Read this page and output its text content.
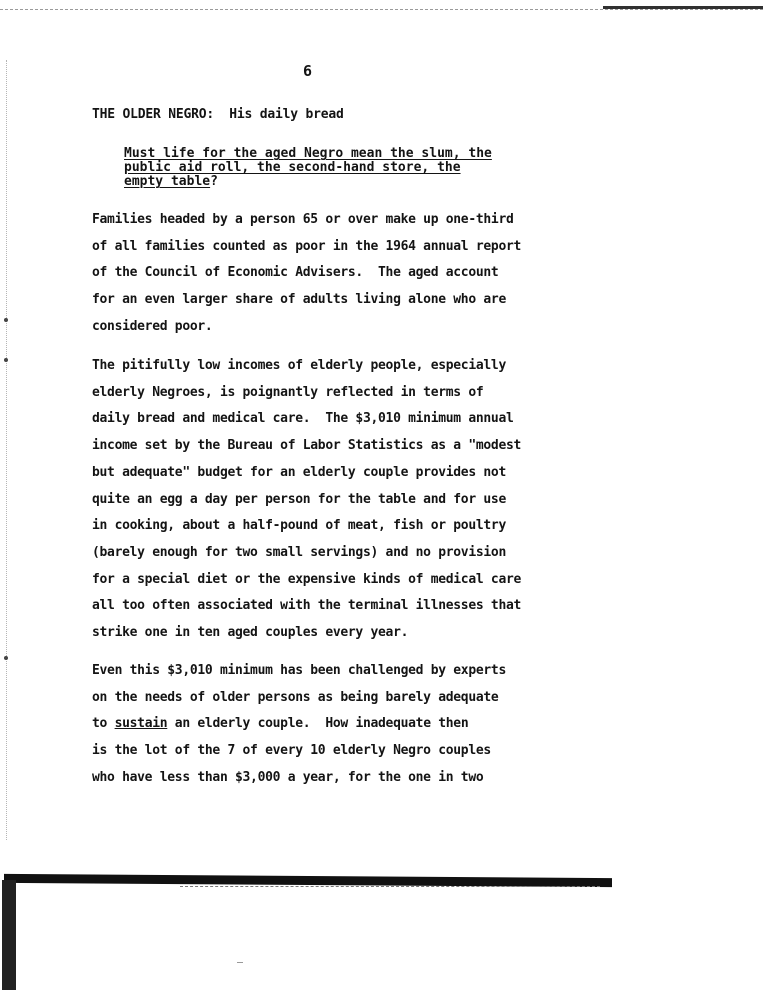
6
THE OLDER NEGRO:  His daily bread
Must life for the aged Negro mean the slum, the
public aid roll, the second-hand store, the
empty table?
Families headed by a person 65 or over make up one-third
of all families counted as poor in the 1964 annual report
of the Council of Economic Advisers.  The aged account
for an even larger share of adults living alone who are
considered poor.
The pitifully low incomes of elderly people, especially
elderly Negroes, is poignantly reflected in terms of
daily bread and medical care.  The $3,010 minimum annual
income set by the Bureau of Labor Statistics as a "modest
but adequate" budget for an elderly couple provides not
quite an egg a day per person for the table and for use
in cooking, about a half-pound of meat, fish or poultry
(barely enough for two small servings) and no provision
for a special diet or the expensive kinds of medical care
all too often associated with the terminal illnesses that
strike one in ten aged couples every year.
Even this $3,010 minimum has been challenged by experts
on the needs of older persons as being barely adequate
to sustain an elderly couple.  How inadequate then
is the lot of the 7 of every 10 elderly Negro couples
who have less than $3,000 a year, for the one in two
